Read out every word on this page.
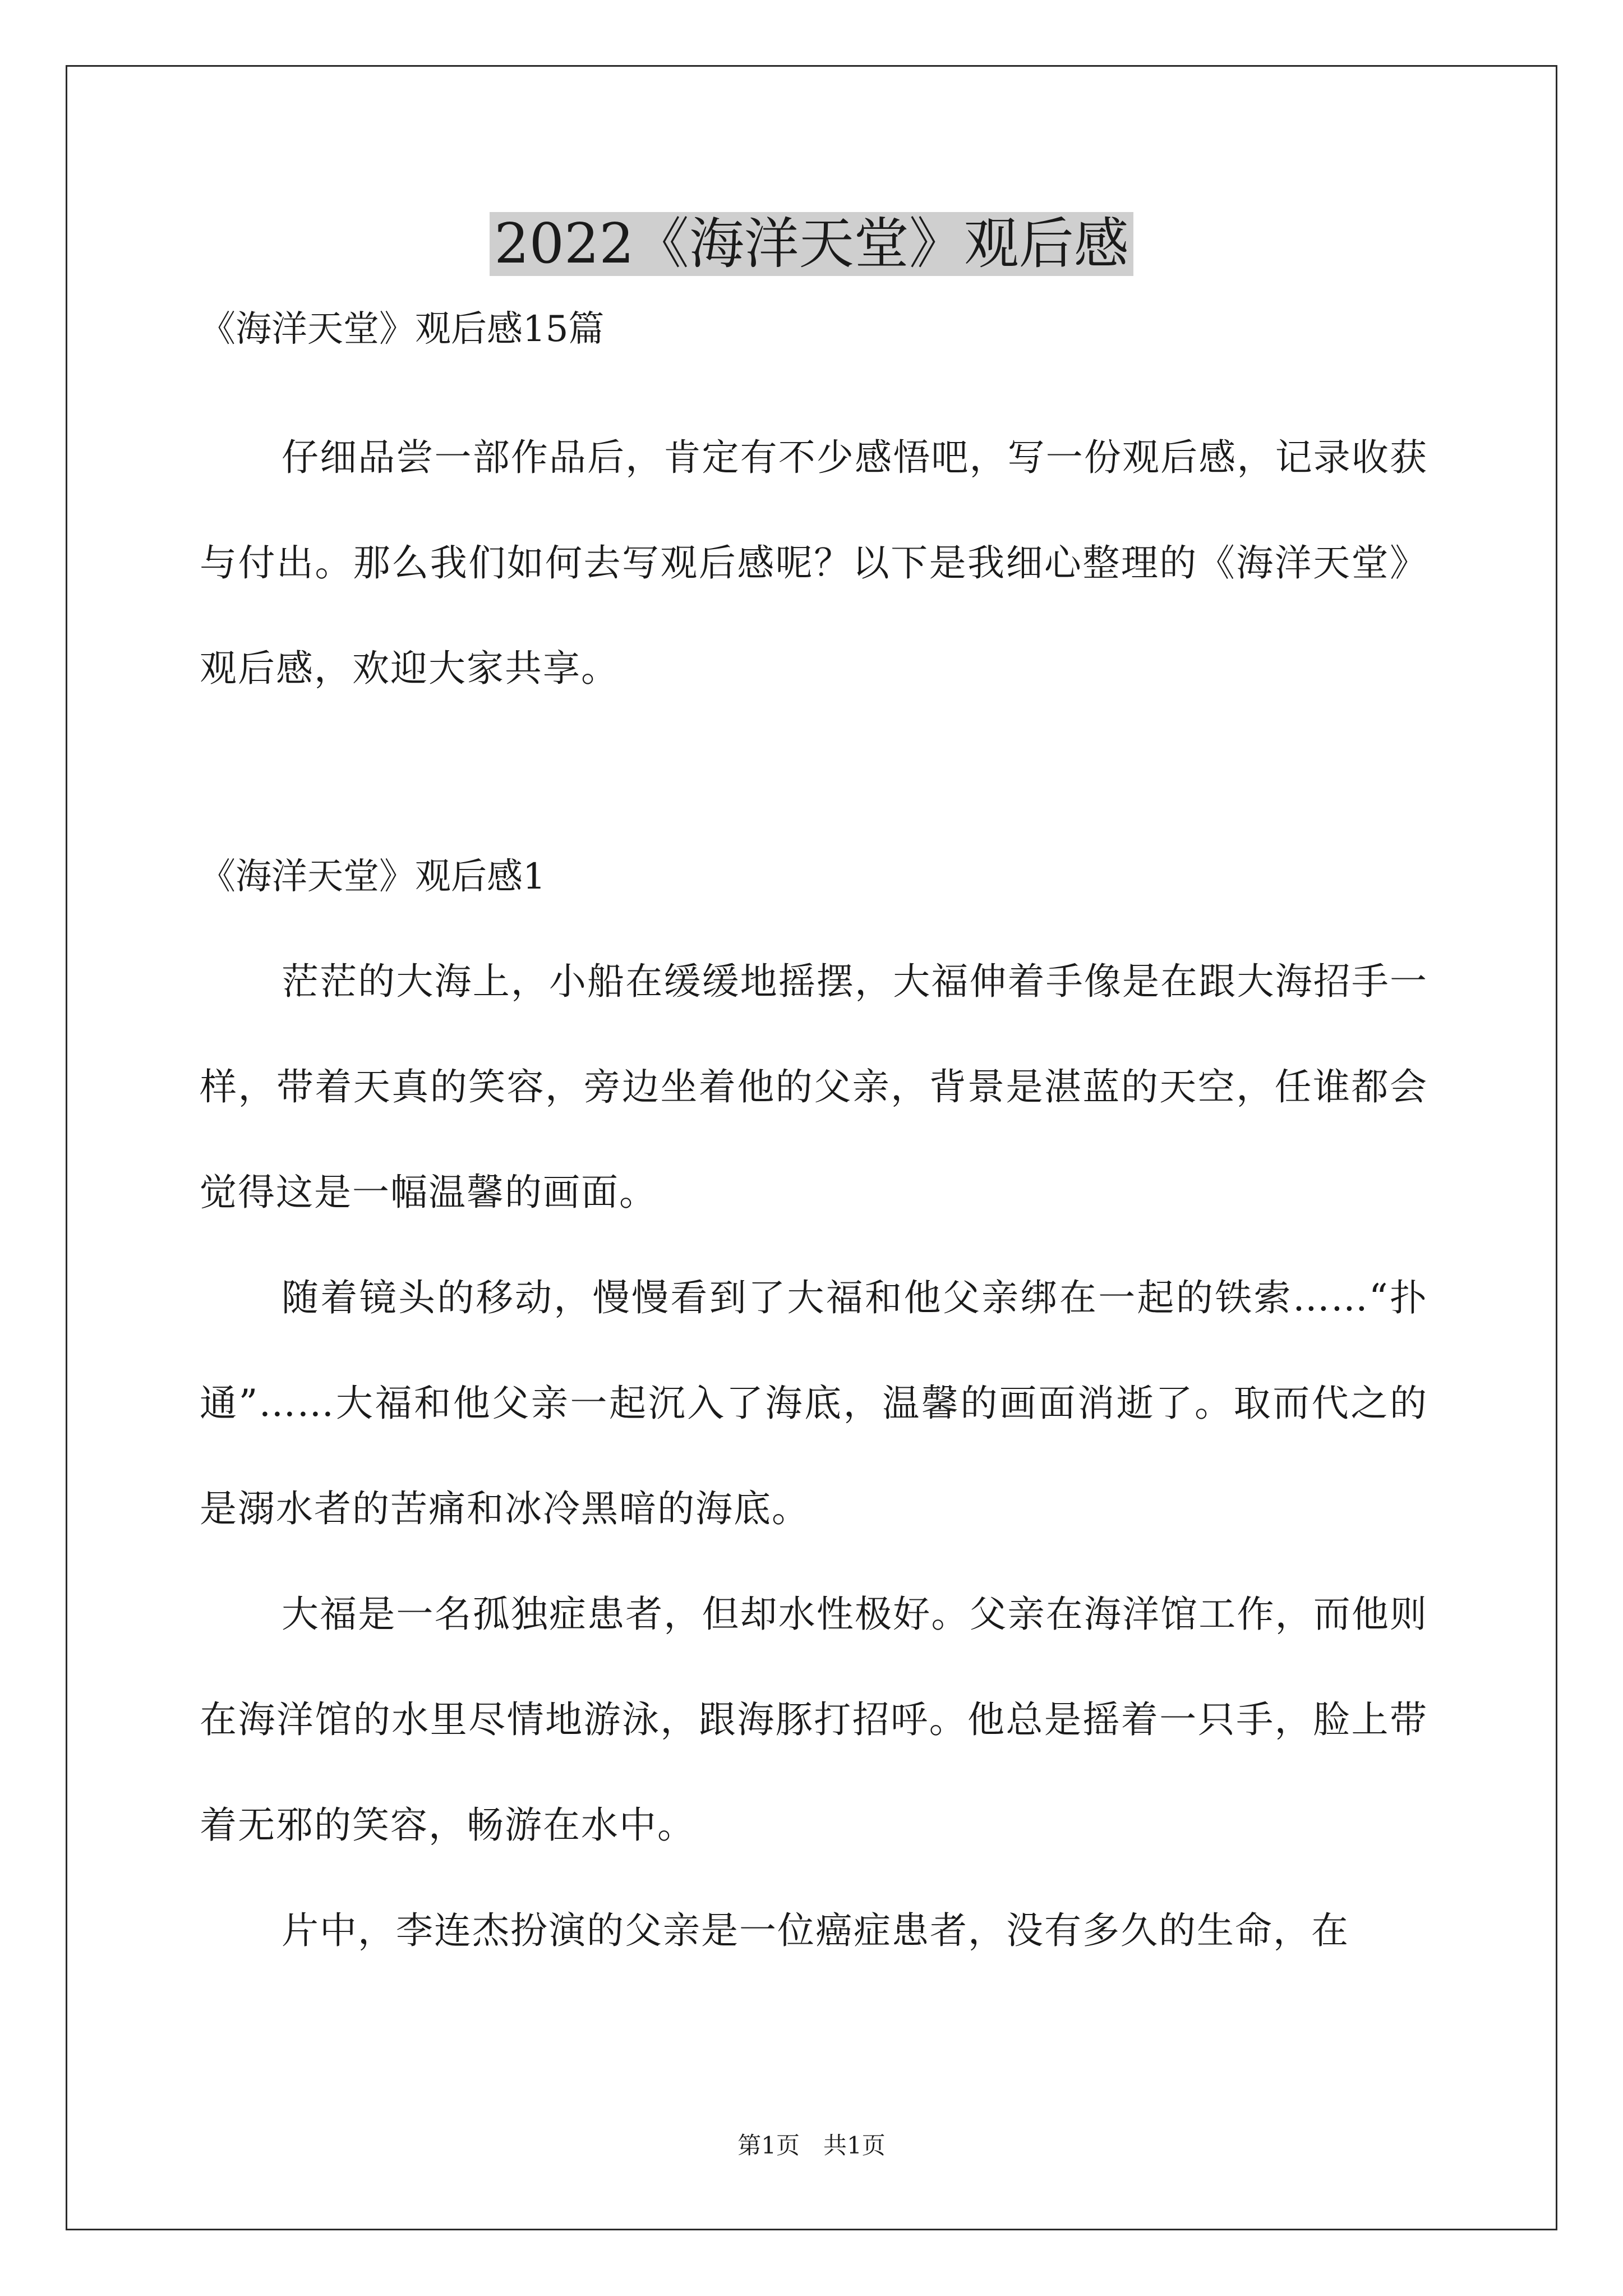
2022《海洋天堂》观后感

《海洋天堂》观后感15篇

仔细品尝一部作品后，肯定有不少感悟吧，写一份观后感，记录收获与付出。那么我们如何去写观后感呢？以下是我细心整理的《海洋天堂》观后感，欢迎大家共享。

《海洋天堂》观后感1

茫茫的大海上，小船在缓缓地摇摆，大福伸着手像是在跟大海招手一样，带着天真的笑容，旁边坐着他的父亲，背景是湛蓝的天空，任谁都会觉得这是一幅温馨的画面。

随着镜头的移动，慢慢看到了大福和他父亲绑在一起的铁索……“扑通”……大福和他父亲一起沉入了海底，温馨的画面消逝了。取而代之的是溺水者的苦痛和冰冷黑暗的海底。

大福是一名孤独症患者，但却水性极好。父亲在海洋馆工作，而他则在海洋馆的水里尽情地游泳，跟海豚打招呼。他总是摇着一只手，脸上带着无邪的笑容，畅游在水中。

片中，李连杰扮演的父亲是一位癌症患者，没有多久的生命，在

第1页　共1页
